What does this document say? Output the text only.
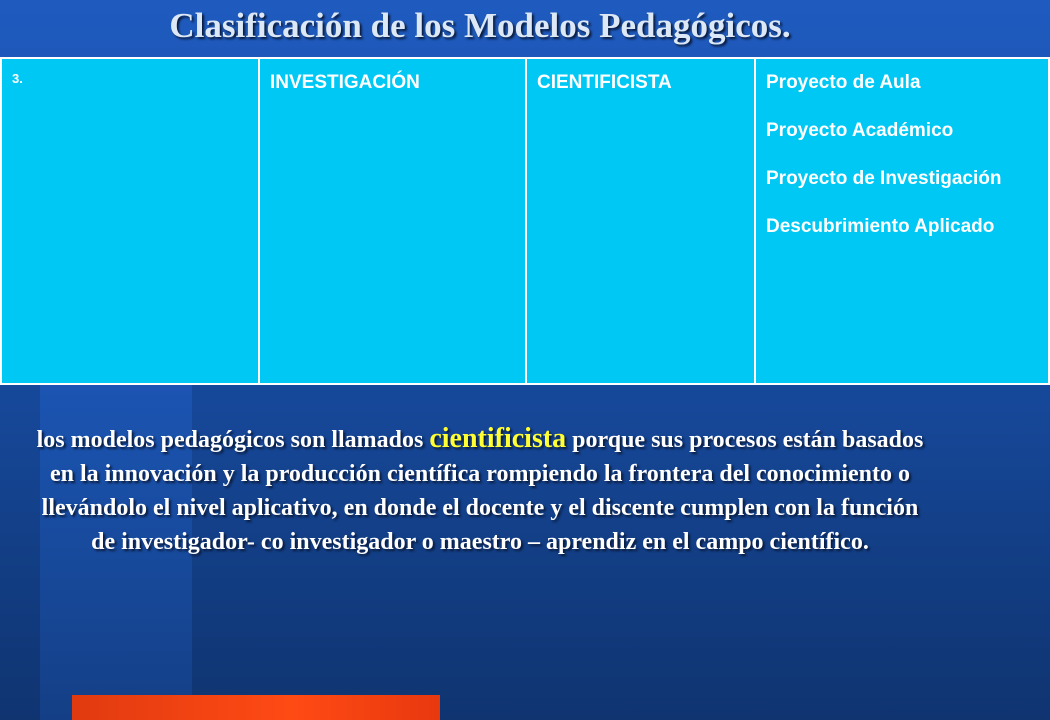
Clasificación de los Modelos Pedagógicos.
3.	INVESTIGACIÓN	CIENTIFICISTA	Proyecto de Aula
Proyecto Académico
Proyecto de Investigación
Descubrimiento Aplicado

los modelos pedagógicos son llamados cientificista porque sus procesos están basados en la innovación y la producción científica rompiendo la frontera del conocimiento o llevándolo el nivel aplicativo, en donde el docente y el discente cumplen con la función de investigador- co investigador o maestro – aprendiz en el campo científico.
